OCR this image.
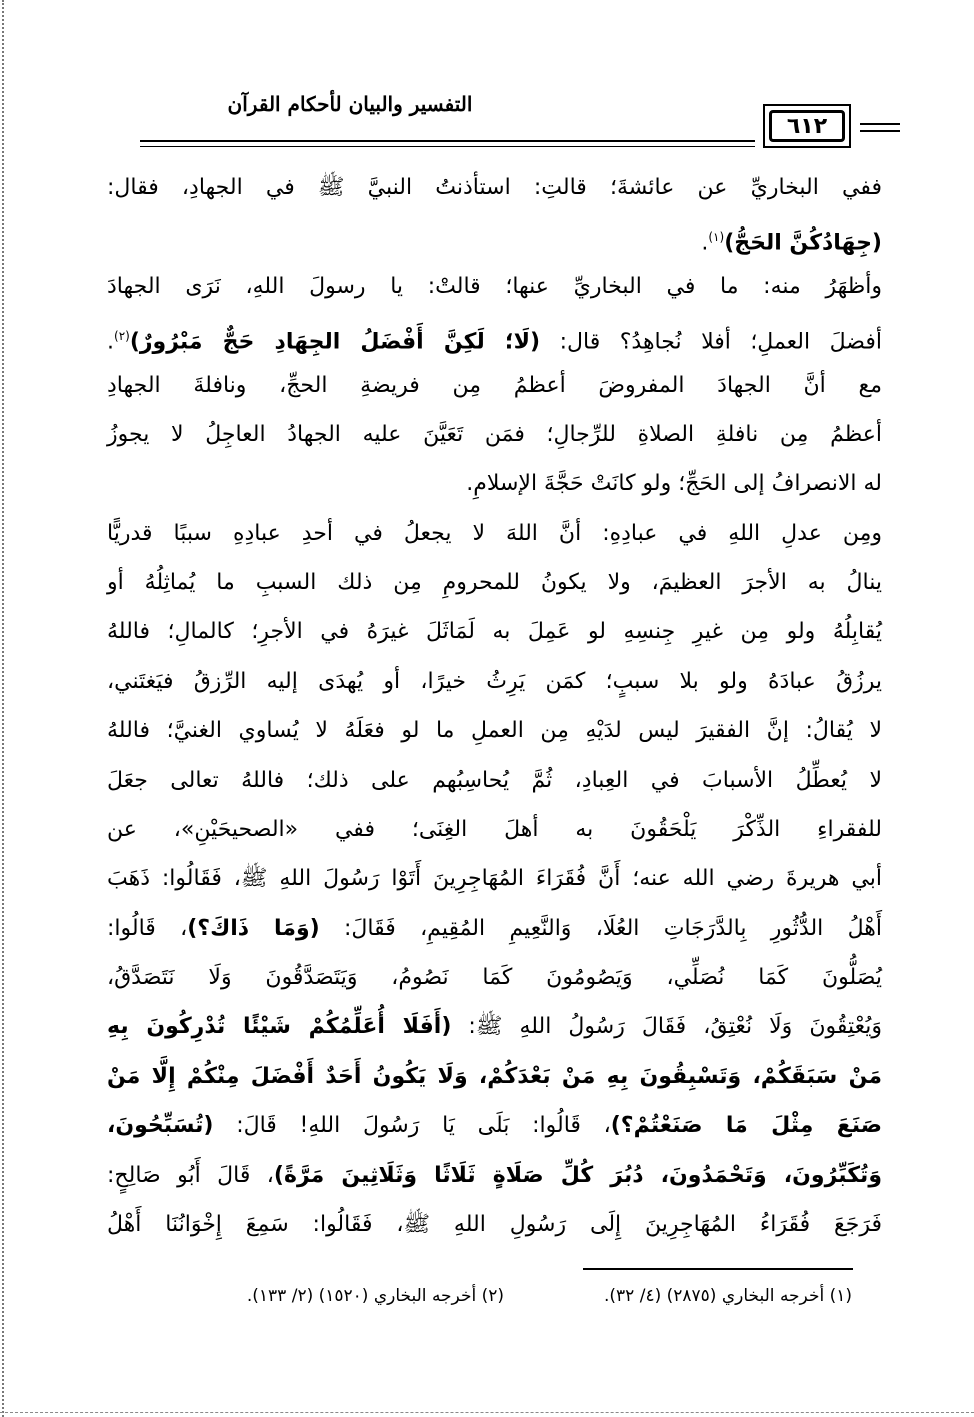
التفسير والبيان لأحكام القرآن
٦١٢
ففي البخاريِّ عن عائشةَ؛ قالتِ: استأذنتُ النبيَّ ﷺ في الجهادِ، فقال:
(جِهَادُكُنَّ الحَجُّ)$^{(١)}$.
وأظهَرُ منه: ما في البخاريِّ عنها؛ قالتْ: يا رسولَ اللهِ، نَرَى الجهادَ
أفضلَ العملِ؛ أفلا نُجاهِدُ؟ قال: (لَا؛ لَكِنَّ أَفْضَلُ الجِهَادِ حَجٌّ مَبْرُورٌ)$^{(٢)}$.
مع أنَّ الجهادَ المفروضَ أعظمُ مِن فريضةِ الحجِّ، ونافلةَ الجهادِ
أعظمُ مِن نافلةِ الصلاةِ للرِّجالِ؛ فمَن تَعَيَّنَ عليه الجهادُ العاجِلُ لا يجوزُ
له الانصرافُ إلى الحَجِّ؛ ولو كانَتْ حَجَّةَ الإسلامِ.
ومِن عدلِ اللهِ في عبادِهِ: أنَّ اللهَ لا يجعلُ في أحدِ عبادِهِ سببًا قدريًّا
ينالُ به الأجرَ العظيمَ، ولا يكونُ للمحرومِ مِن ذلك السببِ ما يُماثِلُهُ أو
يُقابِلُهُ ولو مِن غيرِ جِنسِهِ لو عَمِلَ به لَمَاثَلَ غيرَهُ في الأجرِ؛ كالمالِ؛ فاللهُ
يرزُقُ عبادَهُ ولو بلا سببٍ؛ كمَن يَرِثُ خيرًا، أو يُهدَى إليه الرِّزقُ فيَغتَني،
لا يُقالُ: إنَّ الفقيرَ ليس لدَيْهِ مِن العملِ ما لو فعَلَهُ لا يُساوي الغنيَّ؛ فاللهُ
لا يُعطِّلُ الأسبابَ في العِبادِ، ثُمَّ يُحاسِبُهم على ذلك؛ فاللهُ تعالى جعَلَ
للفقراءِ الذِّكْرَ يَلْحَقُونَ به أهلَ الغِنَى؛ ففي «الصحيحَيْنِ»، عن
أبي هريرةَ رضي الله عنه؛ أَنَّ فُقَرَاءَ المُهَاجِرِينَ أَتَوْا رَسُولَ اللهِ ﷺ، فَقَالُوا: ذَهَبَ
أَهْلُ الدُّثُورِ بِالدَّرَجَاتِ العُلَا، وَالنَّعِيمِ المُقِيمِ، فَقَالَ: (وَمَا ذَاكَ؟)، قَالُوا:
يُصَلُّونَ كَمَا نُصَلِّي، وَيَصُومُونَ كَمَا نَصُومُ، وَيَتَصَدَّقُونَ وَلَا نَتَصَدَّقُ،
وَيُعْتِقُونَ وَلَا نُعْتِقُ، فَقَالَ رَسُولُ اللهِ ﷺ: (أَفَلَا أُعَلِّمُكُمْ شَيْئًا تُدْرِكُونَ بِهِ
مَنْ سَبَقَكُمْ، وَتَسْبِقُونَ بِهِ مَنْ بَعْدَكُمْ، وَلَا يَكُونُ أَحَدٌ أَفْضَلَ مِنْكُمْ إِلَّا مَنْ
صَنَعَ مِثْلَ مَا صَنَعْتُمْ؟)، قَالُوا: بَلَى يَا رَسُولَ اللهِ! قَالَ: (تُسَبِّحُونَ،
وَتُكَبِّرُونَ، وَتَحْمَدُونَ، دُبُرَ كُلِّ صَلَاةٍ ثَلَاثًا وَثَلَاثِينَ مَرَّةً)، قَالَ أَبُو صَالِحٍ:
فَرَجَعَ فُقَرَاءُ المُهَاجِرِينَ إِلَى رَسُولِ اللهِ ﷺ، فَقَالُوا: سَمِعَ إِخْوَانُنَا أَهْلُ
(١) أخرجه البخاري (٢٨٧٥) (٤/ ٣٢).
(٢) أخرجه البخاري (١٥٢٠) (٢/ ١٣٣).
